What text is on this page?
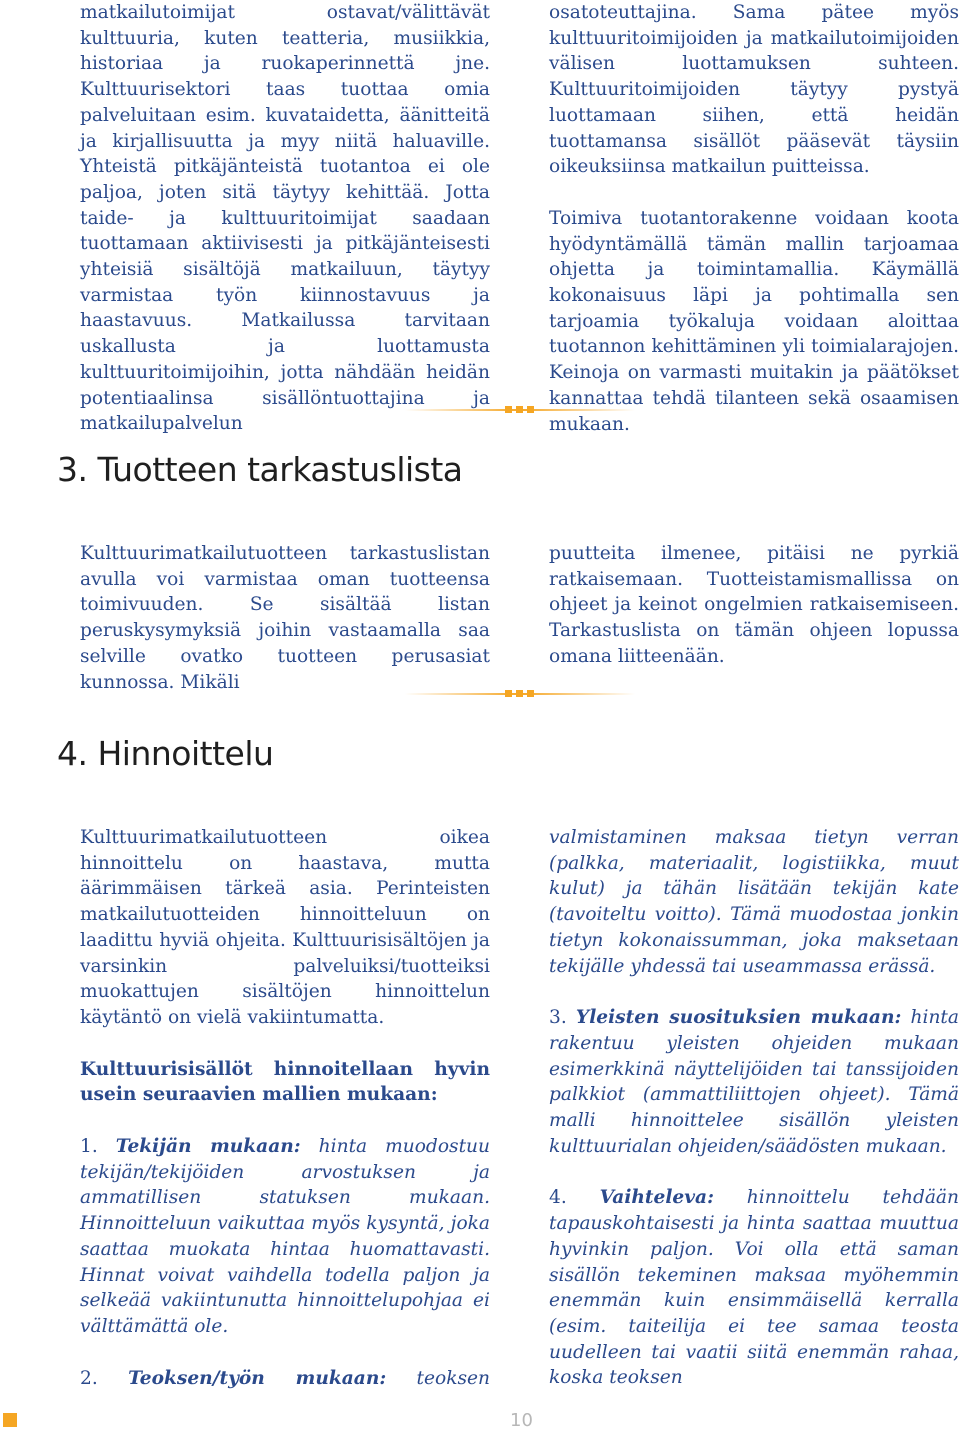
matkailutoimijat ostavat/välittävät kulttuuria, kuten teatteria, musiikkia, historiaa ja ruokaperinnettä jne. Kulttuurisektori taas tuottaa omia palveluitaan esim. kuvataidetta, äänitteitä ja kirjallisuutta ja myy niitä haluaville. Yhteistä pitkäjänteistä tuotantoa ei ole paljoa, joten sitä täytyy kehittää. Jotta taide- ja kulttuuritoimijat saadaan tuottamaan aktiivisesti ja pitkäjänteisesti yhteisiä sisältöjä matkailuun, täytyy varmistaa työn kiinnostavuus ja haastavuus. Matkailussa tarvitaan uskallusta ja luottamusta kulttuuritoimijoihin, jotta nähdään heidän potentiaalinsa sisällöntuottajina ja matkailupalvelun

osatoteuttajina. Sama pätee myös kulttuuritoimijoiden ja matkailutoimijoiden välisen luottamuksen suhteen. Kulttuuritoimijoiden täytyy pystyä luottamaan siihen, että heidän tuottamansa sisällöt pääsevät täysiin oikeuksiinsa matkailun puitteissa.

Toimiva tuotantorakenne voidaan koota hyödyntämällä tämän mallin tarjoamaa ohjetta ja toimintamallia. Käymällä kokonaisuus läpi ja pohtimalla sen tarjoamia työkaluja voidaan aloittaa tuotannon kehittäminen yli toimialarajojen. Keinoja on varmasti muitakin ja päätökset kannattaa tehdä tilanteen sekä osaamisen mukaan.

3. Tuotteen tarkastuslista

Kulttuurimatkailutuotteen tarkastuslistan avulla voi varmistaa oman tuotteensa toimivuuden. Se sisältää listan peruskysymyksiä joihin vastaamalla saa selville ovatko tuotteen perusasiat kunnossa. Mikäli

puutteita ilmenee, pitäisi ne pyrkiä ratkaisemaan. Tuotteistamismallissa on ohjeet ja keinot ongelmien ratkaisemiseen. Tarkastuslista on tämän ohjeen lopussa omana liitteenään.

4. Hinnoittelu

Kulttuurimatkailutuotteen oikea hinnoittelu on haastava, mutta äärimmäisen tärkeä asia. Perinteisten matkailutuotteiden hinnoitteluun on laadittu hyviä ohjeita. Kulttuurisisältöjen ja varsinkin palveluiksi/tuotteiksi muokattujen sisältöjen hinnoittelun käytäntö on vielä vakiintumatta.

Kulttuurisisällöt hinnoitellaan hyvin usein seuraavien mallien mukaan:

1. Tekijän mukaan: hinta muodostuu tekijän/tekijöiden arvostuksen ja ammatillisen statuksen mukaan. Hinnoitteluun vaikuttaa myös kysyntä, joka saattaa muokata hintaa huomattavasti. Hinnat voivat vaihdella todella paljon ja selkeää vakiintunutta hinnoittelupohjaa ei välttämättä ole.

2. Teoksen/työn mukaan: teoksen

valmistaminen maksaa tietyn verran (palkka, materiaalit, logistiikka, muut kulut) ja tähän lisätään tekijän kate (tavoiteltu voitto). Tämä muodostaa jonkin tietyn kokonaissumman, joka maksetaan tekijälle yhdessä tai useammassa erässä.

3. Yleisten suosituksien mukaan: hinta rakentuu yleisten ohjeiden mukaan esimerkkinä näyttelijöiden tai tanssijoiden palkkiot (ammattiliittojen ohjeet). Tämä malli hinnoittelee sisällön yleisten kulttuurialan ohjeiden/säädösten mukaan.

4. Vaihteleva: hinnoittelu tehdään tapauskohtaisesti ja hinta saattaa muuttua hyvinkin paljon. Voi olla että saman sisällön tekeminen maksaa myöhemmin enemmän kuin ensimmäisellä kerralla (esim. taiteilija ei tee samaa teosta uudelleen tai vaatii siitä enemmän rahaa, koska teoksen

10
